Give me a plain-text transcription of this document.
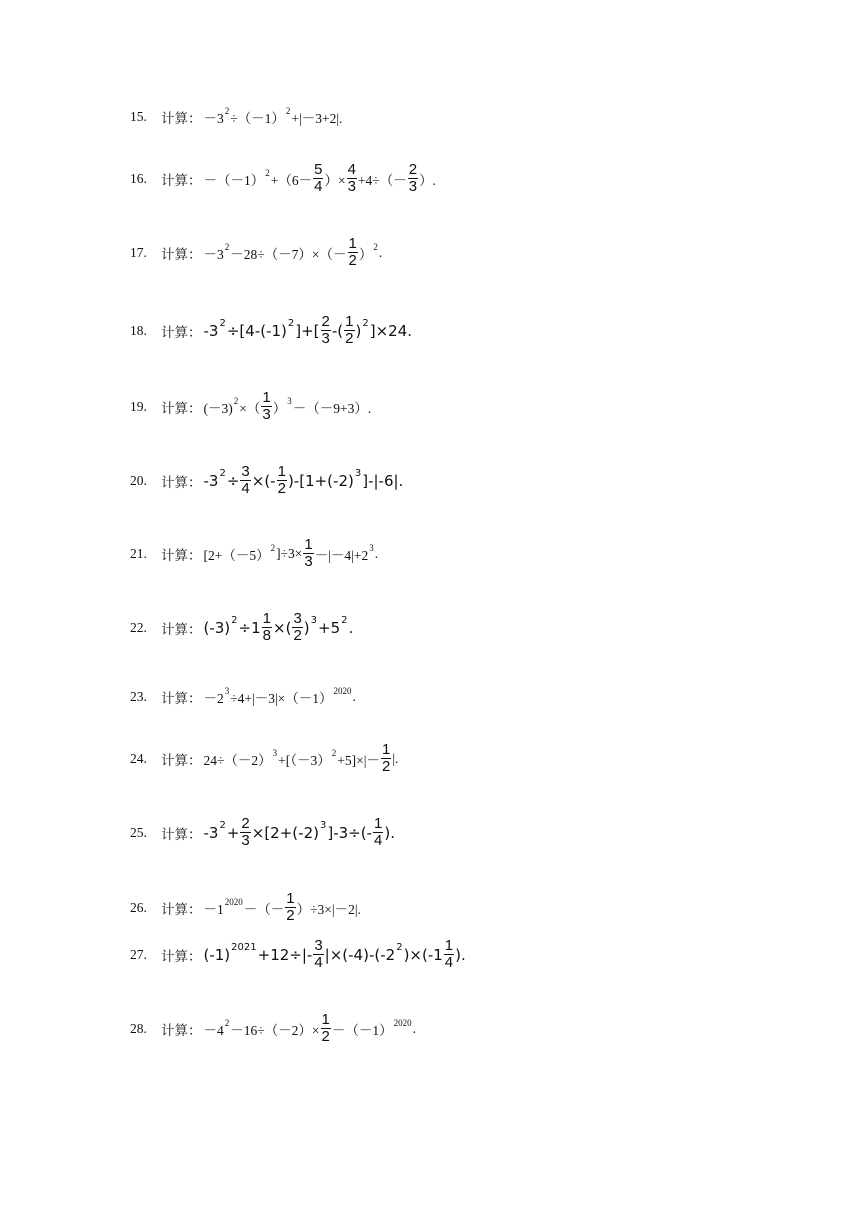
15.	计算： －3 2 ÷（－1） 2 +|－3+2|.
16.	计算： －（－1） $2 +(6- \frac{5}{4}$ ）× $\frac{4}{3} +4\div(- \frac{2}{3}$ ）.
17.	计算： －3 $2 -28\div(-7)\times(- \frac{1}{2}$ ） 2 .
18.	计算： -3 2 ÷[4-(-1) 2 ]+[ $\frac{2}{3}$ -( $\frac{1}{2}$ ) 2 ]×24.
19.	计算： (－3) 2 ×（ $\frac{1}{3}$ ） 3 －（－9+3）.
20.	计算： -3 $2 \div \frac{3}{4}$ ×(- $\frac{1}{2} )-[1+(-2)$ 3 ]-|-6|.
21.	计算： [2+（－5） 2 ]$\div 3\times \frac{1}{3} -|-4|+2$ 3 .
22.	计算： (-3) $2 \div 1 \frac{1}{8}$ ×( $\frac{3}{2}$ ) 3 +5 2 .
23.	计算： －2 3 ÷4+|－3|×（－1） 2020 .
24.	计算： 24÷（－2） 3 +[（－3） $2 +5]\times|- \frac{1}{2}$ |.
25.	计算： -3 $2 + \frac{2}{3} \times[2+(-2)$ 3 ]$-3\div(- \frac{1}{4}$ ).
26.	计算： －1 2020 －（－ $\frac{1}{2} )\div 3\times|-2|$.
27.	计算： (-1) $2021 +12\div|- \frac{3}{4} |\times(-4)-(-2$ 2 )$\times(-1 \frac{1}{4}$ ).
28.	计算： －4 $2 -16\div(-2)\times \frac{1}{2} -(-1)$ 2020 .
